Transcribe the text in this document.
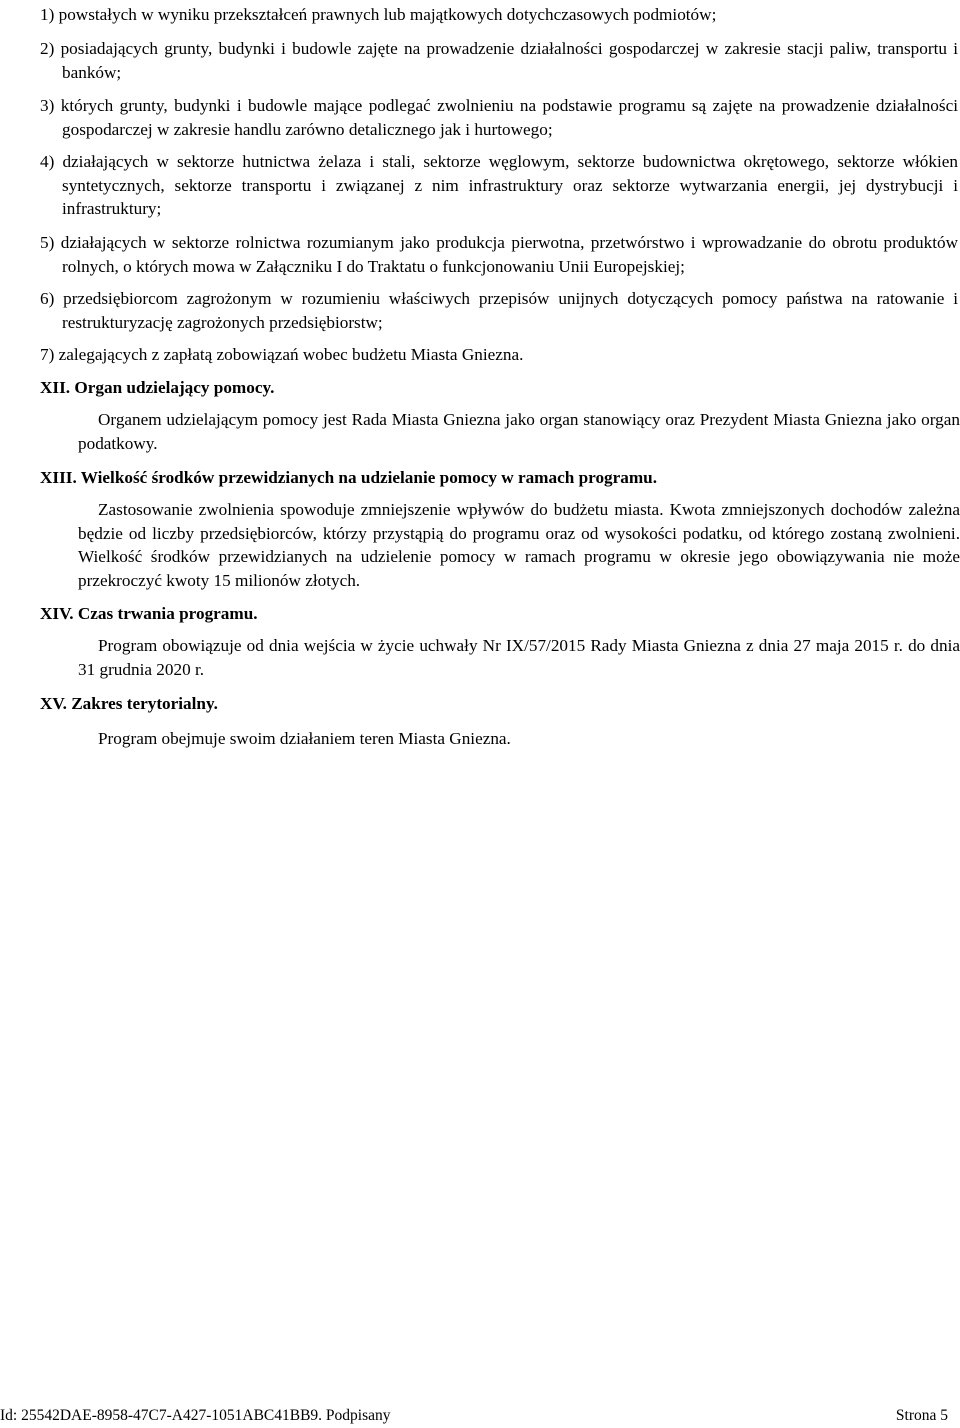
1) powstałych w wyniku przekształceń prawnych lub majątkowych dotychczasowych podmiotów;
2) posiadających grunty, budynki i budowle zajęte na prowadzenie działalności gospodarczej w zakresie stacji paliw, transportu i banków;
3) których grunty, budynki i budowle mające podlegać zwolnieniu na podstawie programu są zajęte na prowadzenie działalności gospodarczej w zakresie handlu zarówno detalicznego jak i hurtowego;
4) działających w sektorze hutnictwa żelaza i stali, sektorze węglowym, sektorze budownictwa okrętowego, sektorze włókien syntetycznych, sektorze transportu i związanej z nim infrastruktury oraz sektorze wytwarzania energii, jej dystrybucji i infrastruktury;
5) działających w sektorze rolnictwa rozumianym jako produkcja pierwotna, przetwórstwo i wprowadzanie do obrotu produktów rolnych, o których mowa w Załączniku I do Traktatu o funkcjonowaniu Unii Europejskiej;
6) przedsiębiorcom zagrożonym w rozumieniu właściwych przepisów unijnych dotyczących pomocy państwa na ratowanie i restrukturyzację zagrożonych przedsiębiorstw;
7) zalegających z zapłatą zobowiązań wobec budżetu Miasta Gniezna.
XII. Organ udzielający pomocy.
Organem udzielającym pomocy jest Rada Miasta Gniezna jako organ stanowiący oraz Prezydent Miasta Gniezna jako organ podatkowy.
XIII. Wielkość środków przewidzianych na udzielanie pomocy w ramach programu.
Zastosowanie zwolnienia spowoduje zmniejszenie wpływów do budżetu miasta. Kwota zmniejszonych dochodów zależna będzie od liczby przedsiębiorców, którzy przystąpią do programu oraz od wysokości podatku, od którego zostaną zwolnieni. Wielkość środków przewidzianych na udzielenie pomocy w ramach programu w okresie jego obowiązywania nie może przekroczyć kwoty 15 milionów złotych.
XIV. Czas trwania programu.
Program obowiązuje od dnia wejścia w życie uchwały Nr IX/57/2015 Rady Miasta Gniezna z dnia 27 maja 2015 r. do dnia 31 grudnia 2020 r.
XV. Zakres terytorialny.
Program obejmuje swoim działaniem teren Miasta Gniezna.
Id: 25542DAE-8958-47C7-A427-1051ABC41BB9. Podpisany	Strona 5
